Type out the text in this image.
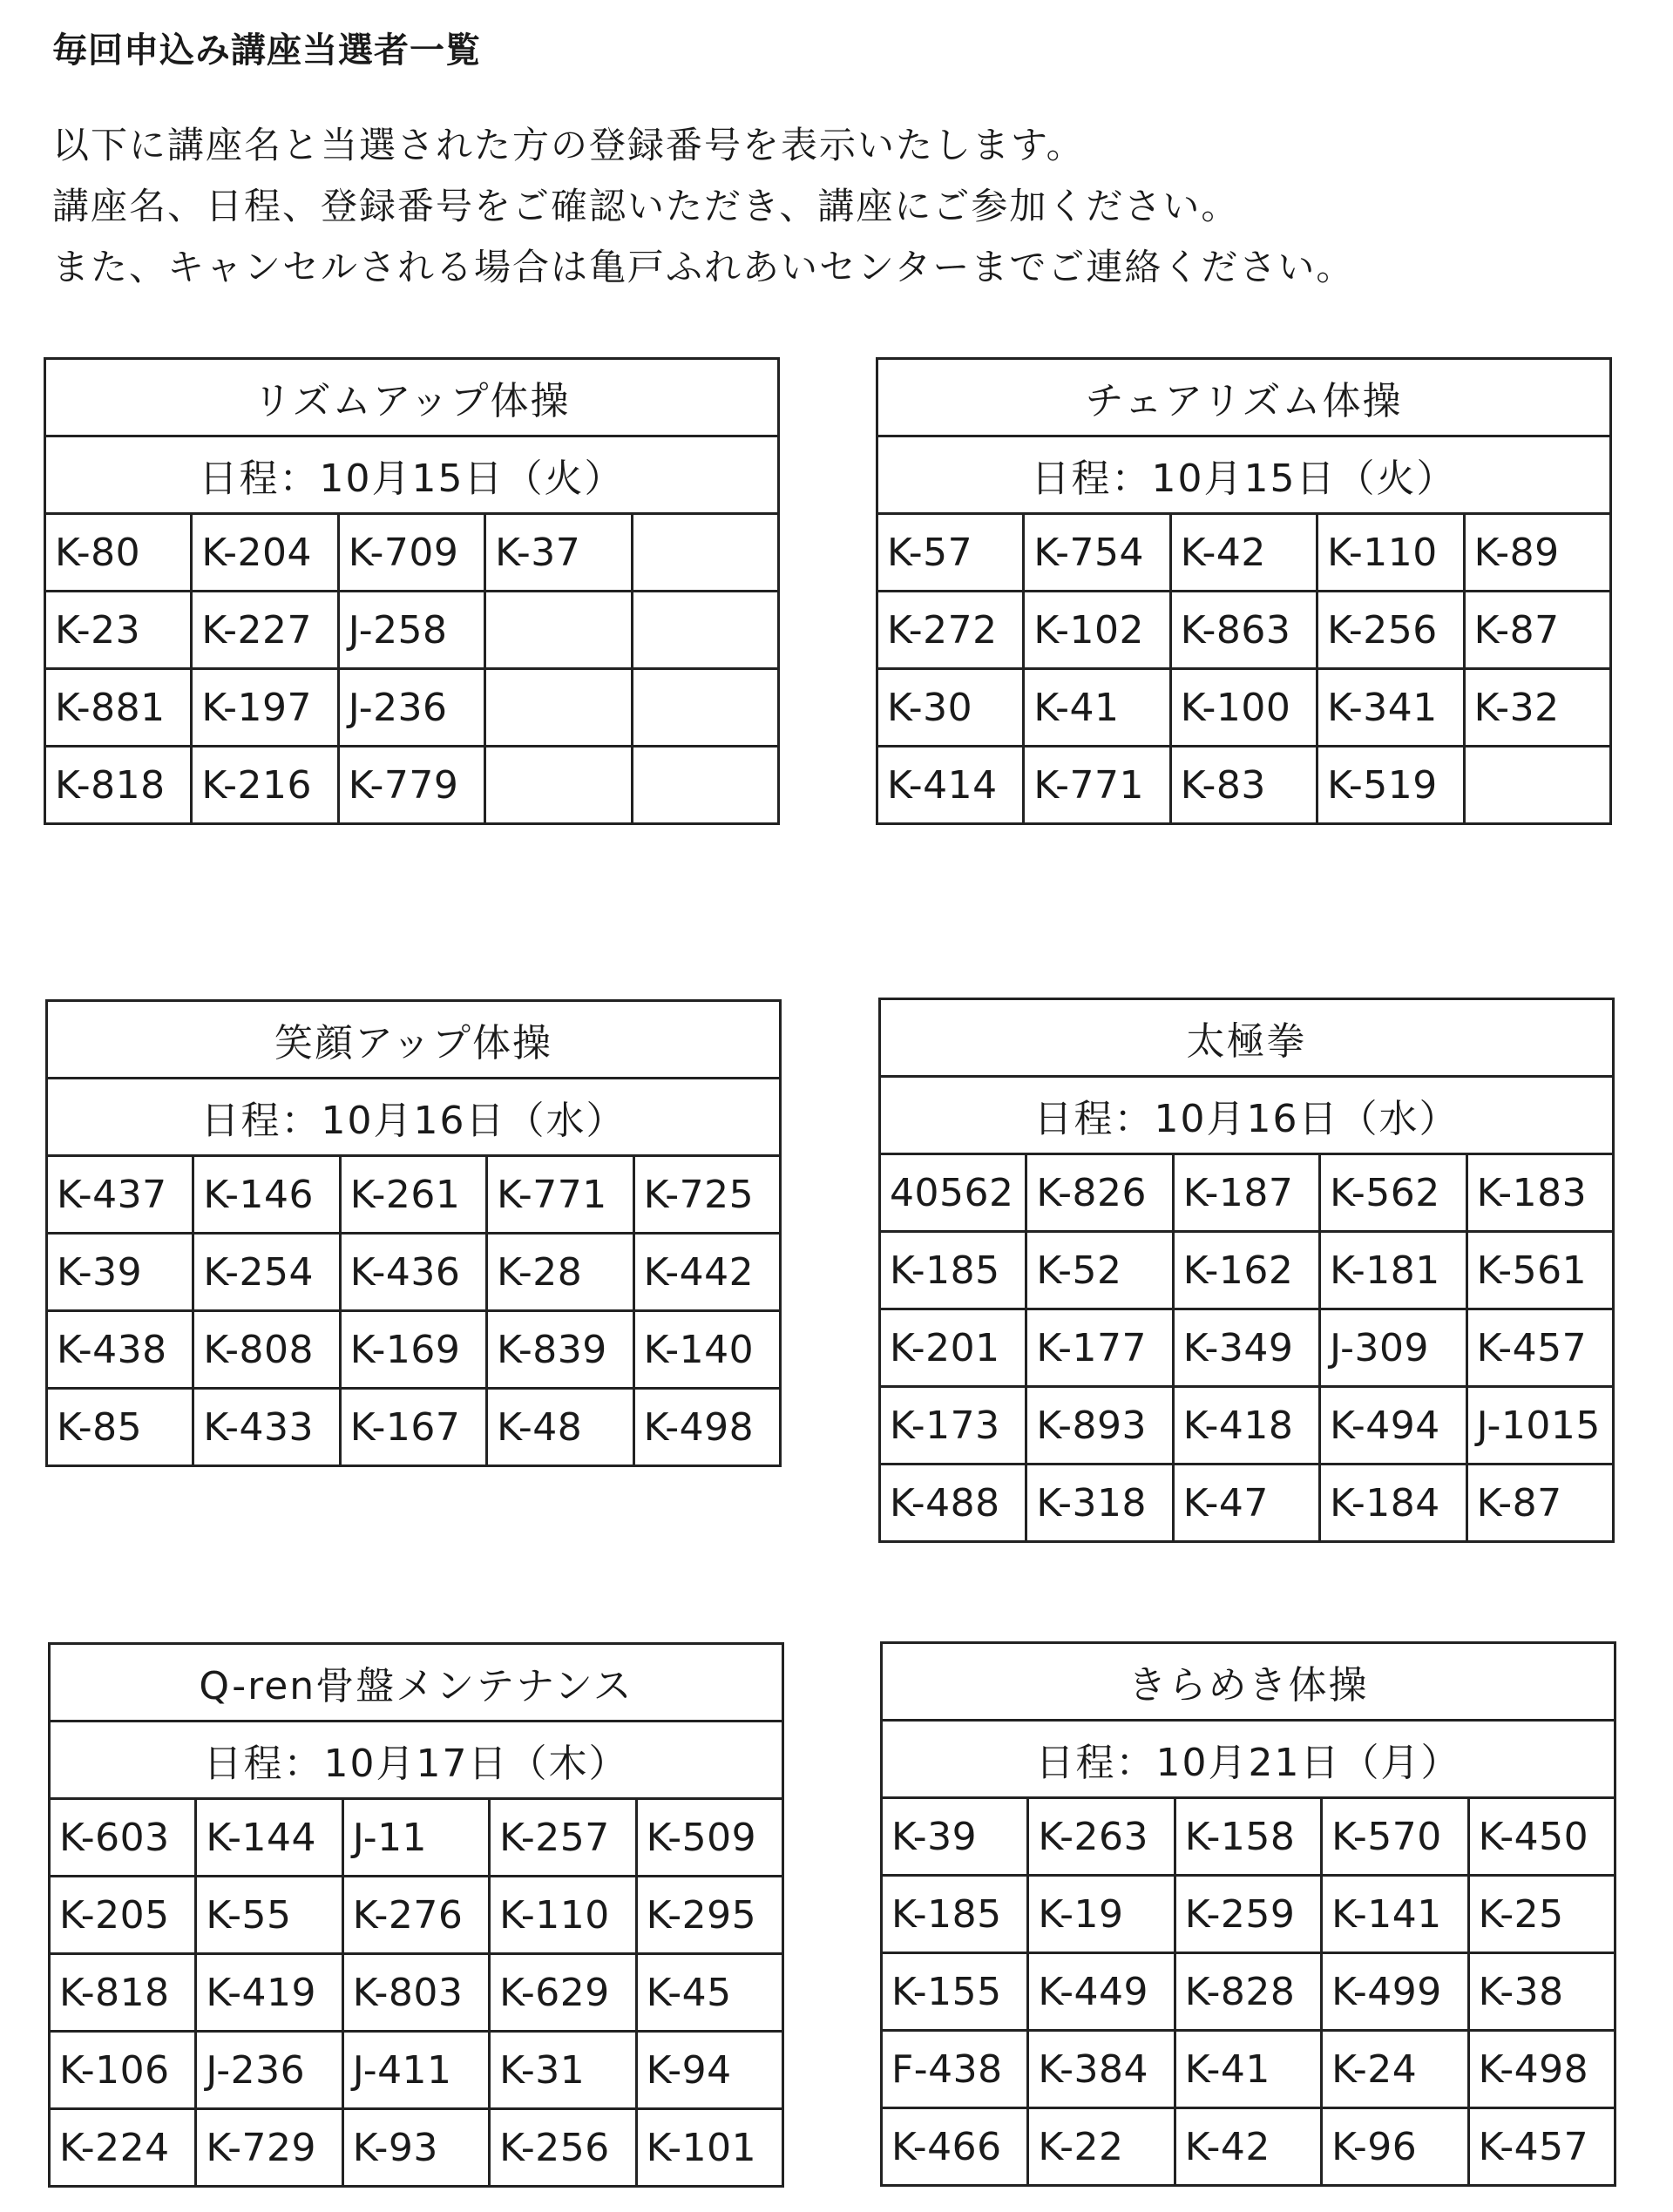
毎回申込み講座当選者一覧
以下に講座名と当選された方の登録番号を表示いたします。
講座名、日程、登録番号をご確認いただき、講座にご参加ください。
また、キャンセルされる場合は亀戸ふれあいセンターまでご連絡ください。
リズムアップ体操				
日程：10月15日（火）				
K-80	K-204	K-709	K-37	
K-23	K-227	J-258		
K-881	K-197	J-236		
K-818	K-216	K-779		
チェアリズム体操				
日程：10月15日（火）				
K-57	K-754	K-42	K-110	K-89
K-272	K-102	K-863	K-256	K-87
K-30	K-41	K-100	K-341	K-32
K-414	K-771	K-83	K-519	
笑顔アップ体操				
日程：10月16日（水）				
K-437	K-146	K-261	K-771	K-725
K-39	K-254	K-436	K-28	K-442
K-438	K-808	K-169	K-839	K-140
K-85	K-433	K-167	K-48	K-498
太極拳				
日程：10月16日（水）				
40562	K-826	K-187	K-562	K-183
K-185	K-52	K-162	K-181	K-561
K-201	K-177	K-349	J-309	K-457
K-173	K-893	K-418	K-494	J-1015
K-488	K-318	K-47	K-184	K-87
Q-ren骨盤メンテナンス				
日程：10月17日（木）				
K-603	K-144	J-11	K-257	K-509
K-205	K-55	K-276	K-110	K-295
K-818	K-419	K-803	K-629	K-45
K-106	J-236	J-411	K-31	K-94
K-224	K-729	K-93	K-256	K-101
きらめき体操				
日程：10月21日（月）				
K-39	K-263	K-158	K-570	K-450
K-185	K-19	K-259	K-141	K-25
K-155	K-449	K-828	K-499	K-38
F-438	K-384	K-41	K-24	K-498
K-466	K-22	K-42	K-96	K-457
